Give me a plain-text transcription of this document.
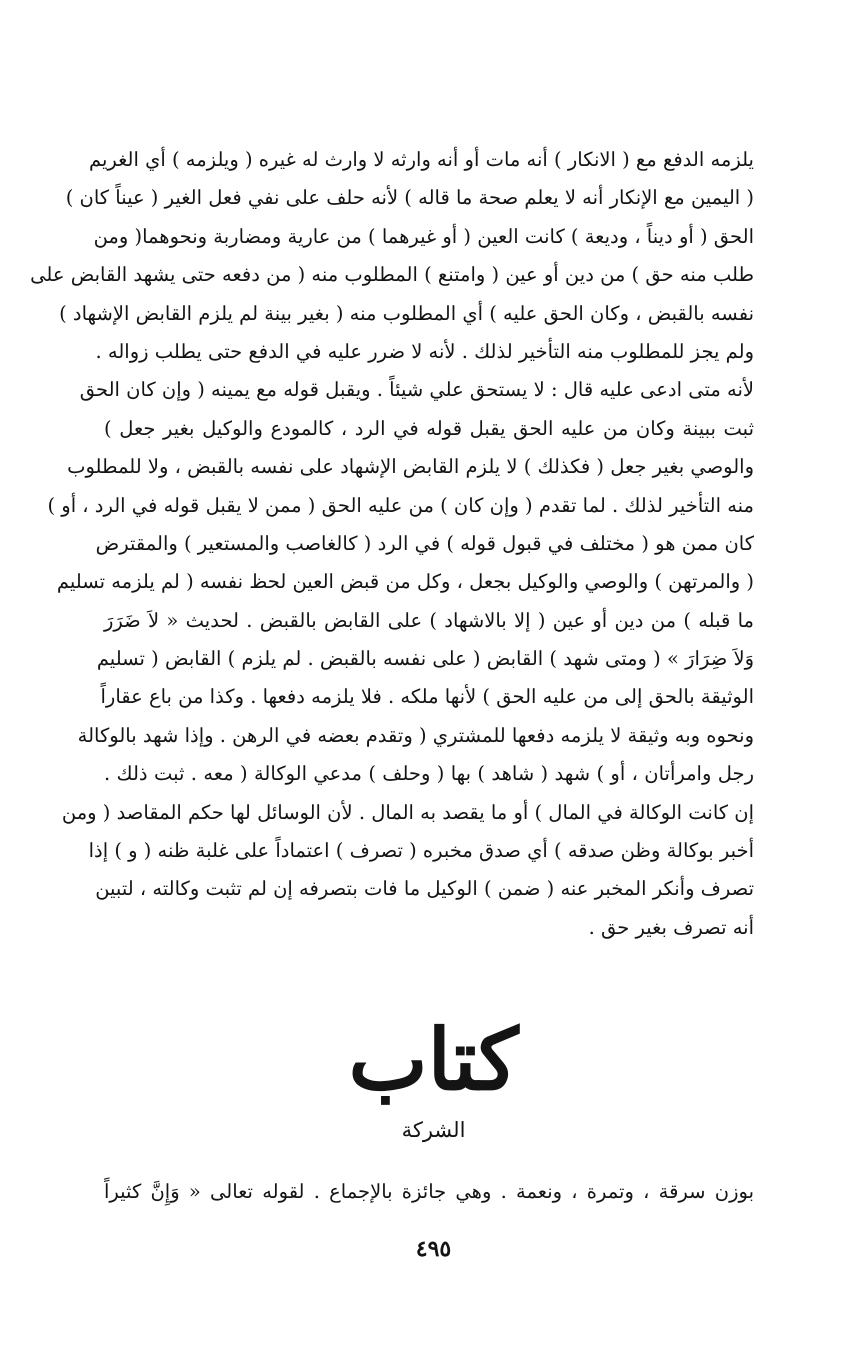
يلزمه الدفع مع ( الانكار ) أنه مات أو أنه وارثه لا وارث له غيره ( ويلزمه ) أي الغريم
( اليمين مع الإنكار أنه لا يعلم صحة ما قاله ) لأنه حلف على نفي فعل الغير ( عيناً كان )
الحق ( أو ديناً ، وديعة ) كانت العين ( أو غيرهما ) من عارية ومضاربة ونحوهما( ومن
طلب منه حق ) من دين أو عين ( وامتنع ) المطلوب منه ( من دفعه حتى يشهد القابض على
نفسه بالقبض ، وكان الحق عليه ) أي المطلوب منه ( بغير بينة لم يلزم القابض الإشهاد )
ولم يجز للمطلوب منه التأخير لذلك . لأنه لا ضرر عليه في الدفع حتى يطلب زواله .
لأنه متى ادعى عليه قال : لا يستحق علي شيئاً . ويقبل قوله مع يمينه ( وإن كان الحق
ثبت ببينة وكان من عليه الحق يقبل قوله في الرد ، كالمودع والوكيل بغير جعل )
والوصي بغير جعل ( فكذلك ) لا يلزم القابض الإشهاد على نفسه بالقبض ، ولا للمطلوب
منه التأخير لذلك . لما تقدم ( وإن كان ) من عليه الحق ( ممن لا يقبل قوله في الرد ، أو )
كان ممن هو ( مختلف في قبول قوله ) في الرد ( كالغاصب والمستعير ) والمقترض
( والمرتهن ) والوصي والوكيل بجعل ، وكل من قبض العين لحظ نفسه ( لم يلزمه تسليم
ما قبله ) من دين أو عين ( إلا بالاشهاد ) على القابض بالقبض . لحديث « لاَ ضَرَرَ
وَلاَ ضِرَارَ » ( ومتى شهد ) القابض ( على نفسه بالقبض . لم يلزم ) القابض ( تسليم
الوثيقة بالحق إلى من عليه الحق ) لأنها ملكه . فلا يلزمه دفعها . وكذا من باع عقاراً
ونحوه وبه وثيقة لا يلزمه دفعها للمشتري ( وتقدم بعضه في الرهن . وإذا شهد بالوكالة
رجل وامرأتان ، أو ) شهد ( شاهد ) بها ( وحلف ) مدعي الوكالة ( معه . ثبت ذلك .
إن كانت الوكالة في المال ) أو ما يقصد به المال . لأن الوسائل لها حكم المقاصد ( ومن
أخبر بوكالة وظن صدقه ) أي صدق مخبره ( تصرف ) اعتماداً على غلبة ظنه ( و ) إذا
تصرف وأنكر المخبر عنه ( ضمن ) الوكيل ما فات بتصرفه إن لم تثبت وكالته ، لتبين
أنه تصرف بغير حق .
كتاب
الشركة
بوزن سرقة ، وتمرة ، ونعمة . وهي جائزة بالإجماع . لقوله تعالى « وَإِنَّ كثيراً
٤٩٥
